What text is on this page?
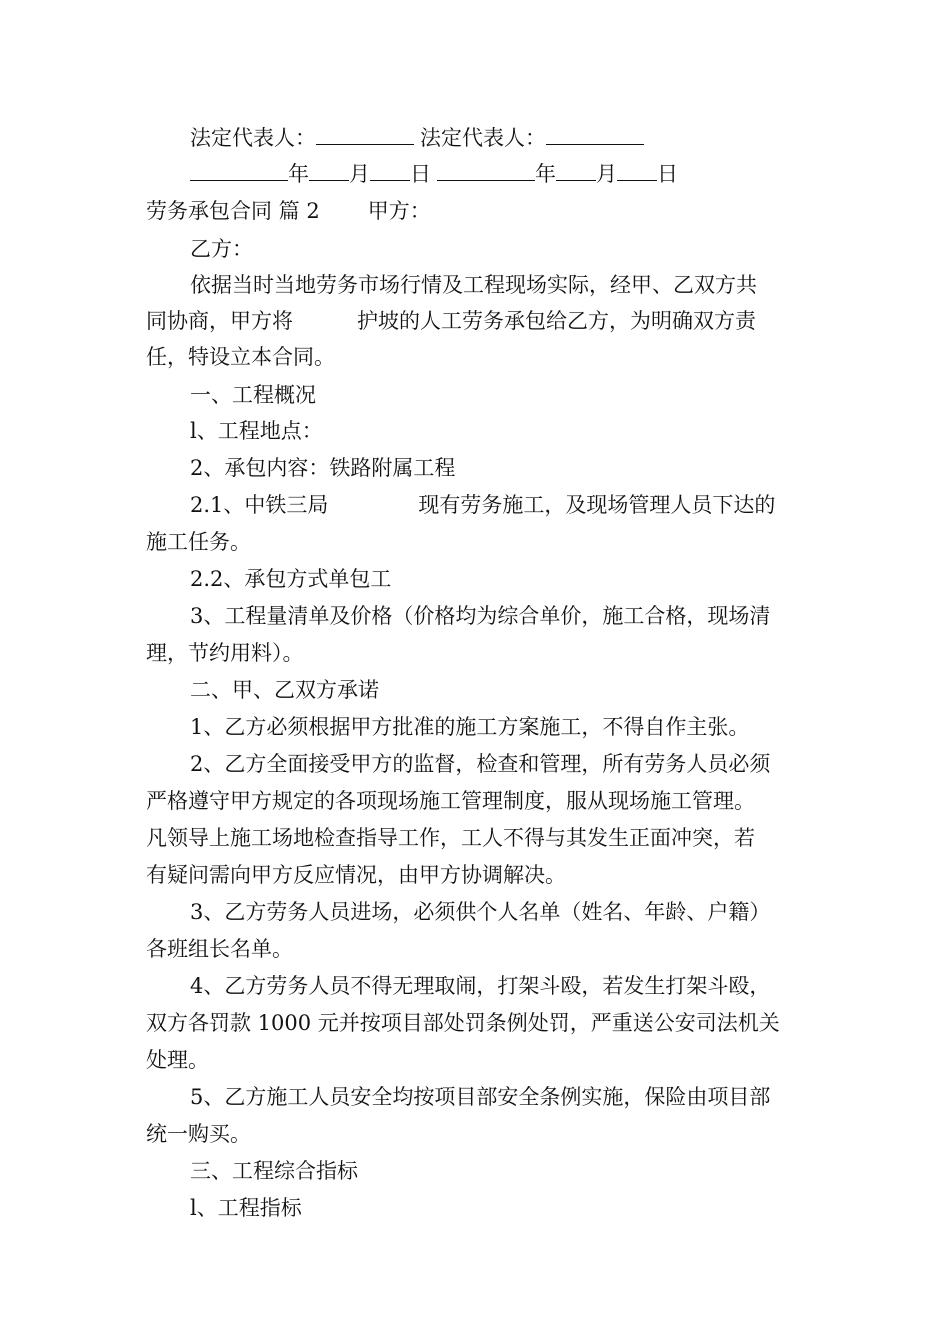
法定代表人：	法定代表人：
年 月 日	年 月 日
劳务承包合同 篇 2 甲方：
乙方：
依据当时当地劳务市场行情及工程现场实际，经甲、乙双方共
同协商，甲方将	护坡的人工劳务承包给乙方，为明确双方责
任，特设立本合同。
一、工程概况
l、工程地点：
2、承包内容：铁路附属工程
2.1、中铁三局	现有劳务施工，及现场管理人员下达的
施工任务。
2.2、承包方式单包工
3、工程量清单及价格（价格均为综合单价，施工合格，现场清
理，节约用料）。
二、甲、乙双方承诺
1、乙方必须根据甲方批准的施工方案施工，不得自作主张。
2、乙方全面接受甲方的监督，检查和管理，所有劳务人员必须
严格遵守甲方规定的各项现场施工管理制度，服从现场施工管理。
凡领导上施工场地检查指导工作，工人不得与其发生正面冲突，若
有疑问需向甲方反应情况，由甲方协调解决。
3、乙方劳务人员进场，必须供个人名单（姓名、年龄、户籍）
各班组长名单。
4、乙方劳务人员不得无理取闹，打架斗殴，若发生打架斗殴，
双方各罚款 1000 元并按项目部处罚条例处罚，严重送公安司法机关
处理。
5、乙方施工人员安全均按项目部安全条例实施，保险由项目部
统一购买。
三、工程综合指标
l、工程指标
